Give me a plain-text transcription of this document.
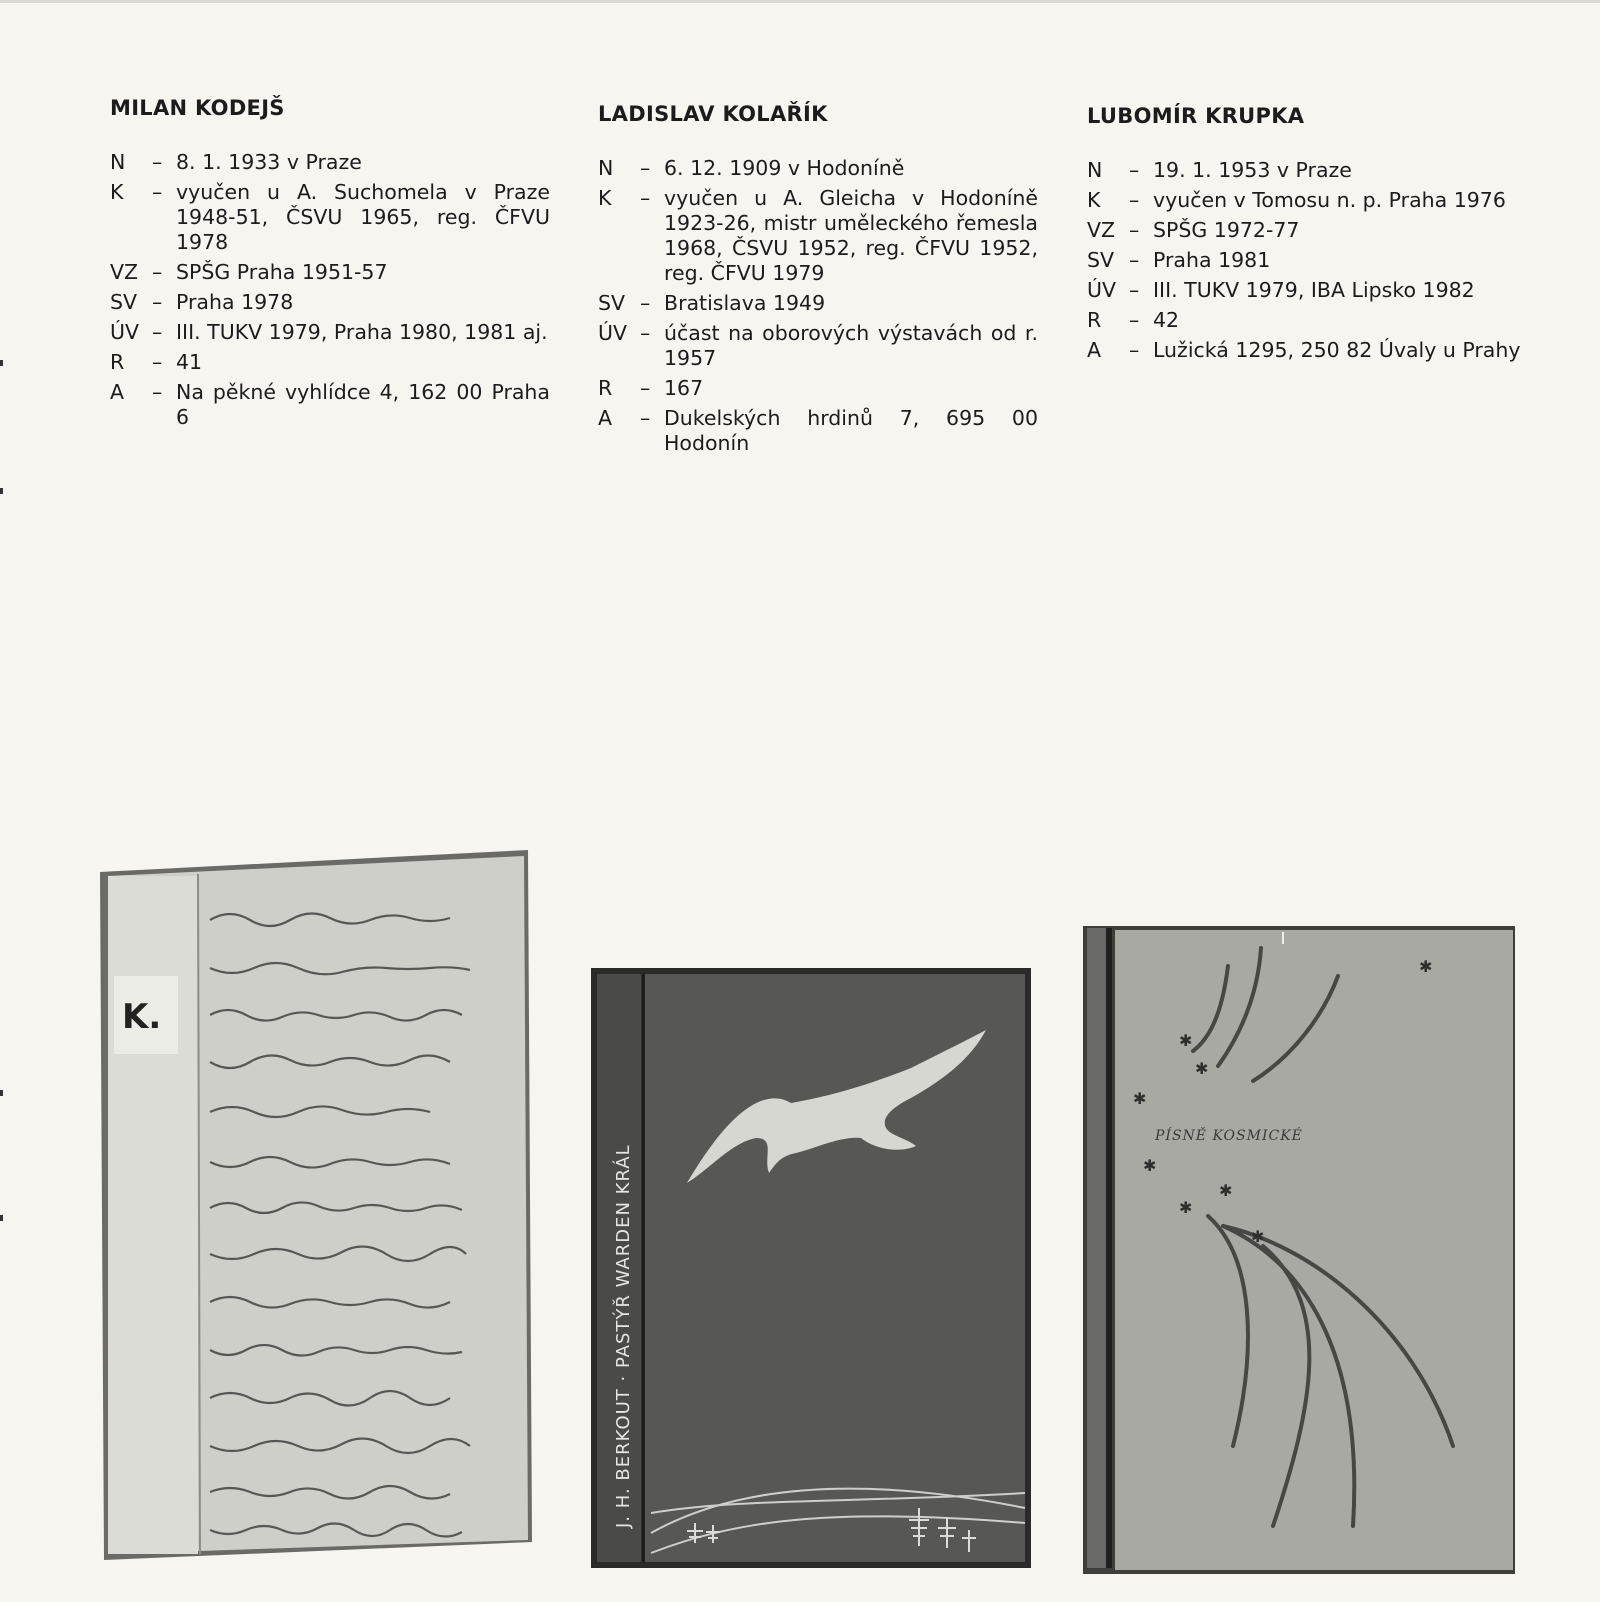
MILAN KODEJŠ
N	– 8. 1. 1933 v Praze
K	– vyučen u A. Suchomela v Praze 1948-51, ČSVU 1965, reg. ČFVU 1978
VZ – SPŠG Praha 1951-57
SV – Praha 1978
ÚV – III. TUKV 1979, Praha 1980, 1981 aj.
R	– 41
A	– Na pěkné vyhlídce 4, 162 00 Praha 6
LADISLAV KOLAŘÍK
N	– 6. 12. 1909 v Hodoníně
K	– vyučen u A. Gleicha v Hodoníně 1923-26, mistr uměleckého řemesla 1968, ČSVU 1952, reg. ČFVU 1952, reg. ČFVU 1979
SV – Bratislava 1949
ÚV – účast na oborových výstavách od r. 1957
R	– 167
A	– Dukelských hrdinů 7, 695 00 Hodonín
LUBOMÍR KRUPKA
N	– 19. 1. 1953 v Praze
K	– vyučen v Tomosu n. p. Praha 1976
VZ – SPŠG 1972-77
SV – Praha 1981
ÚV – III. TUKV 1979, IBA Lipsko 1982
R	– 42
A	– Lužická 1295, 250 82 Úvaly u Prahy
K.
J. H. BERKOUT · PASTÝŘ WARDEN KRÁL
✱
✱
✱
✱
✱
✱
✱
✱
PÍSNĚ KOSMICKÉ
